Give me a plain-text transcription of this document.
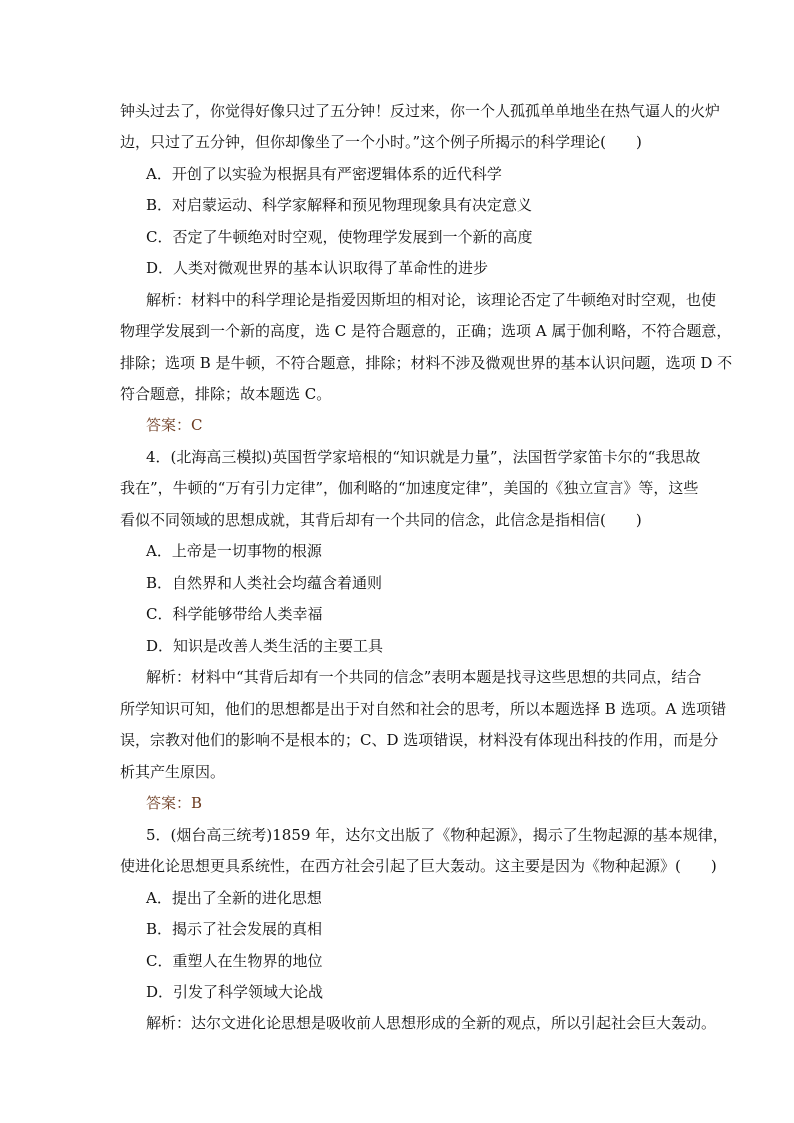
钟头过去了，你觉得好像只过了五分钟！反过来，你一个人孤孤单单地坐在热气逼人的火炉
边，只过了五分钟，但你却像坐了一个小时。”这个例子所揭示的科学理论(　　)
A．开创了以实验为根据具有严密逻辑体系的近代科学
B．对启蒙运动、科学家解释和预见物理现象具有决定意义
C．否定了牛顿绝对时空观，使物理学发展到一个新的高度
D．人类对微观世界的基本认识取得了革命性的进步
解析：材料中的科学理论是指爱因斯坦的相对论，该理论否定了牛顿绝对时空观，也使
物理学发展到一个新的高度，选 C 是符合题意的，正确；选项 A 属于伽利略，不符合题意，
排除；选项 B 是牛顿，不符合题意，排除；材料不涉及微观世界的基本认识问题，选项 D 不
符合题意，排除；故本题选 C。
答案：C
4．(北海高三模拟)英国哲学家培根的“知识就是力量”，法国哲学家笛卡尔的“我思故
我在”，牛顿的“万有引力定律”，伽利略的“加速度定律”，美国的《独立宣言》等，这些
看似不同领域的思想成就，其背后却有一个共同的信念，此信念是指相信(　　)
A．上帝是一切事物的根源
B．自然界和人类社会均蕴含着通则
C．科学能够带给人类幸福
D．知识是改善人类生活的主要工具
解析：材料中“其背后却有一个共同的信念”表明本题是找寻这些思想的共同点，结合
所学知识可知，他们的思想都是出于对自然和社会的思考，所以本题选择 B 选项。A 选项错
误，宗教对他们的影响不是根本的；C、D 选项错误，材料没有体现出科技的作用，而是分
析其产生原因。
答案：B
5．(烟台高三统考)1859 年，达尔文出版了《物种起源》，揭示了生物起源的基本规律，
使进化论思想更具系统性，在西方社会引起了巨大轰动。这主要是因为《物种起源》(　　)
A．提出了全新的进化思想
B．揭示了社会发展的真相
C．重塑人在生物界的地位
D．引发了科学领域大论战
解析：达尔文进化论思想是吸收前人思想形成的全新的观点，所以引起社会巨大轰动。
